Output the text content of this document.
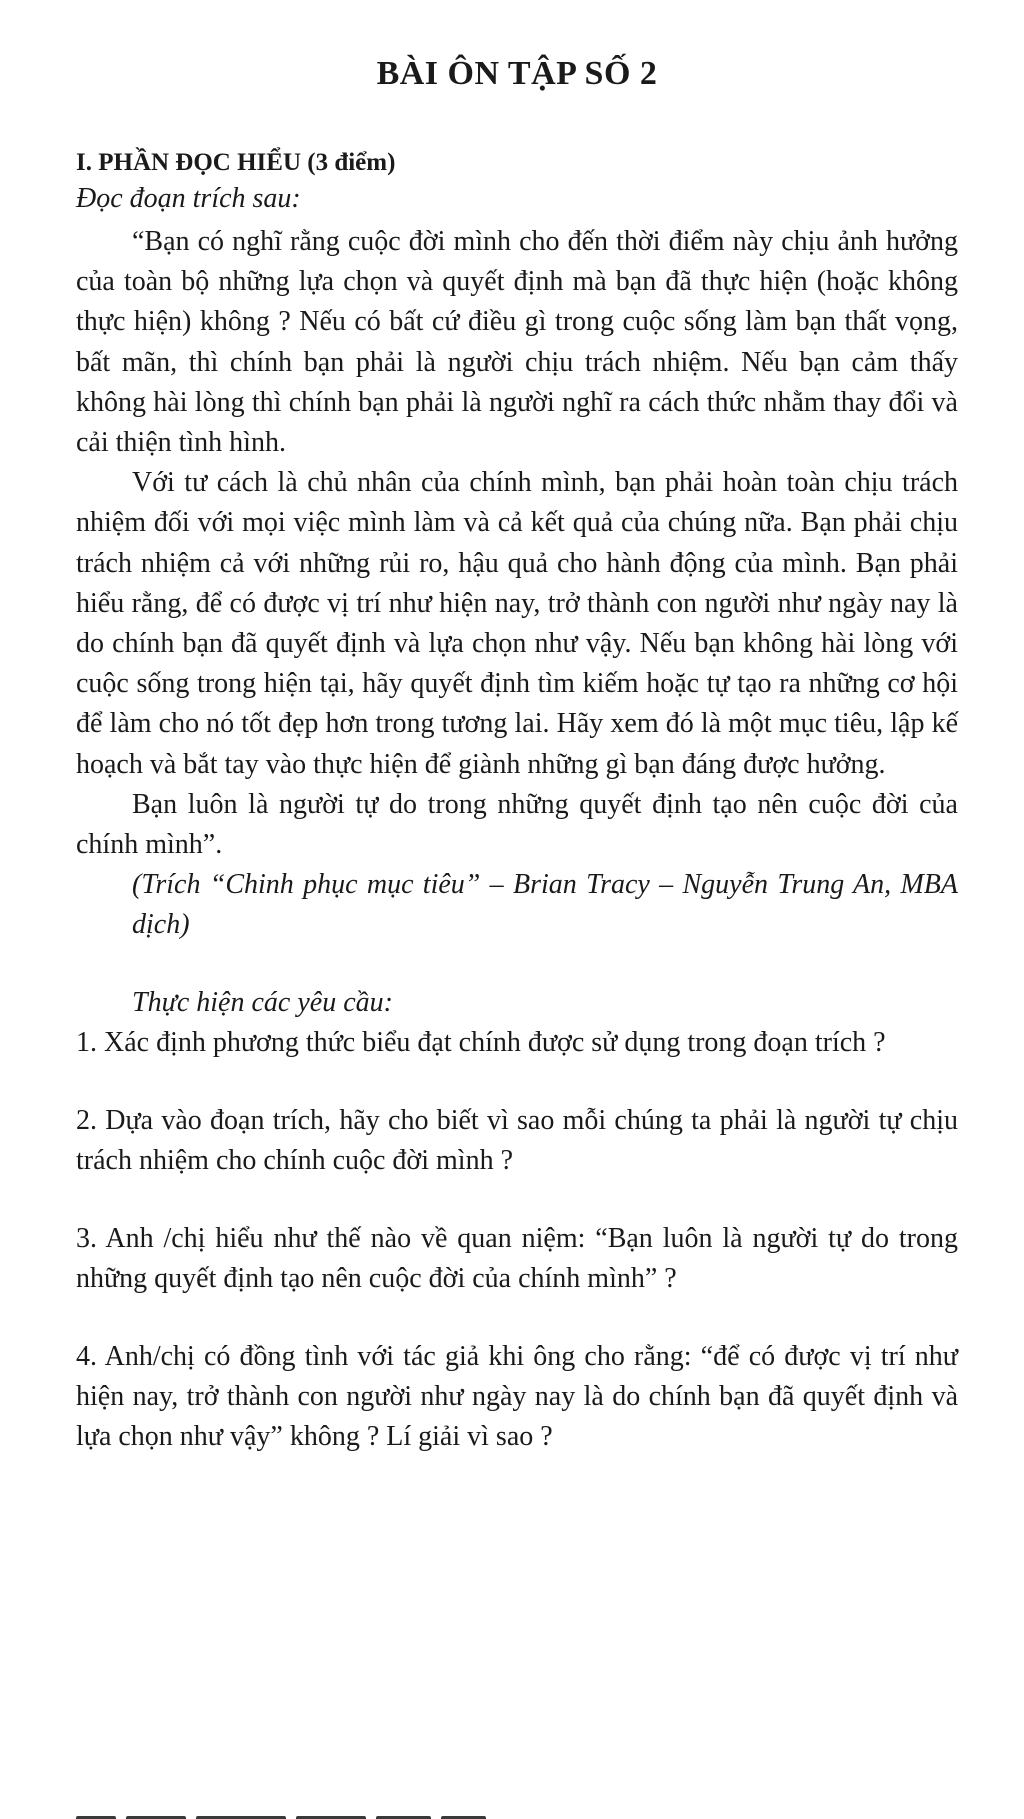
BÀI ÔN TẬP SỐ 2

I. PHẦN ĐỌC HIỂU (3 điểm)

Đọc đoạn trích sau:

“Bạn có nghĩ rằng cuộc đời mình cho đến thời điểm này chịu ảnh hưởng của toàn bộ những lựa chọn và quyết định mà bạn đã thực hiện (hoặc không thực hiện) không ? Nếu có bất cứ điều gì trong cuộc sống làm bạn thất vọng, bất mãn, thì chính bạn phải là người chịu trách nhiệm. Nếu bạn cảm thấy không hài lòng thì chính bạn phải là người nghĩ ra cách thức nhằm thay đổi và cải thiện tình hình.

Với tư cách là chủ nhân của chính mình, bạn phải hoàn toàn chịu trách nhiệm đối với mọi việc mình làm và cả kết quả của chúng nữa. Bạn phải chịu trách nhiệm cả với những rủi ro, hậu quả cho hành động của mình. Bạn phải hiểu rằng, để có được vị trí như hiện nay, trở thành con người như ngày nay là do chính bạn đã quyết định và lựa chọn như vậy. Nếu bạn không hài lòng với cuộc sống trong hiện tại, hãy quyết định tìm kiếm hoặc tự tạo ra những cơ hội để làm cho nó tốt đẹp hơn trong tương lai. Hãy xem đó là một mục tiêu, lập kế hoạch và bắt tay vào thực hiện để giành những gì bạn đáng được hưởng.

Bạn luôn là người tự do trong những quyết định tạo nên cuộc đời của chính mình”.

(Trích “Chinh phục mục tiêu” – Brian Tracy – Nguyễn Trung An, MBA dịch)

Thực hiện các yêu cầu:

1. Xác định phương thức biểu đạt chính được sử dụng trong đoạn trích ?

2. Dựa vào đoạn trích, hãy cho biết vì sao mỗi chúng ta phải là người tự chịu trách nhiệm cho chính cuộc đời mình ?

3. Anh /chị hiểu như thế nào về quan niệm: “Bạn luôn là người tự do trong những quyết định tạo nên cuộc đời của chính mình” ?

4. Anh/chị có đồng tình với tác giả khi ông cho rằng: “để có được vị trí như hiện nay, trở thành con người như ngày nay là do chính bạn đã quyết định và lựa chọn như vậy” không ? Lí giải vì sao ?
